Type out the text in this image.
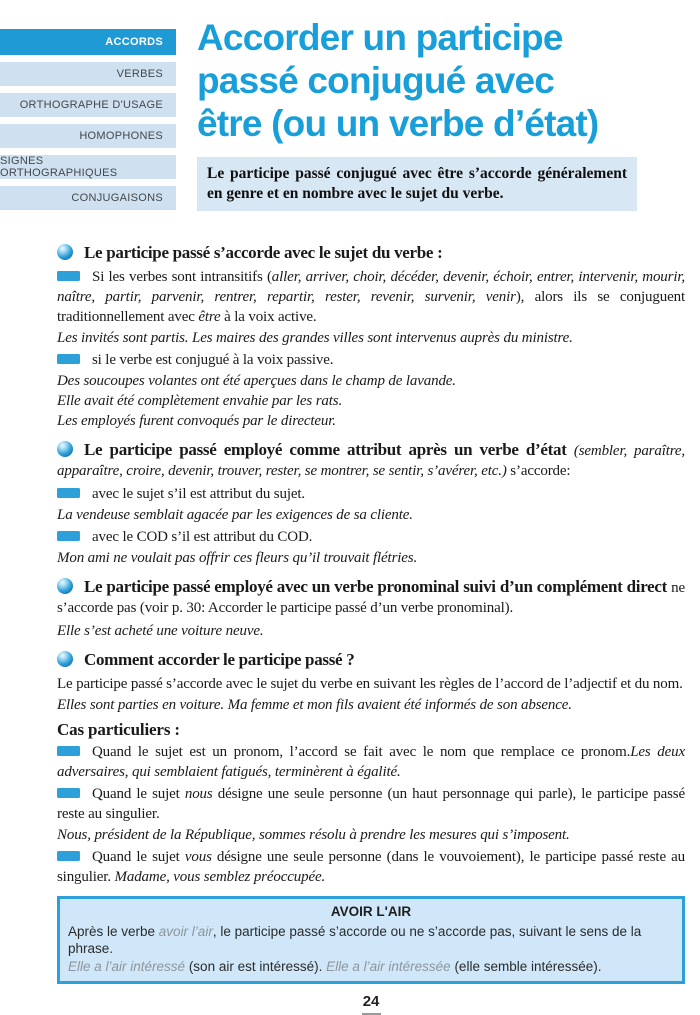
ACCORDS
VERBES
ORTHOGRAPHE D'USAGE
HOMOPHONES
SIGNES ORTHOGRAPHIQUES
CONJUGAISONS
Accorder un participe
passé conjugué avec
être (ou un verbe d’état)
Le participe passé conjugué avec être s’accorde généralement en genre et en nombre avec le sujet du verbe.
Le participe passé s’accorde avec le sujet du verbe :
Si les verbes sont intransitifs (aller, arriver, choir, décéder, devenir, échoir, entrer, intervenir, mourir, naître, partir, parvenir, rentrer, repartir, rester, revenir, survenir, venir), alors ils se conjuguent traditionnellement avec être à la voix active.
Les invités sont partis. Les maires des grandes villes sont intervenus auprès du ministre.
si le verbe est conjugué à la voix passive.
Des soucoupes volantes ont été aperçues dans le champ de lavande.
Elle avait été complètement envahie par les rats.
Les employés furent convoqués par le directeur.
Le participe passé employé comme attribut après un verbe d’état (sembler, paraître, apparaître, croire, devenir, trouver, rester, se montrer, se sentir, s’avérer, etc.) s’accorde:
avec le sujet s’il est attribut du sujet.
La vendeuse semblait agacée par les exigences de sa cliente.
avec le COD s’il est attribut du COD.
Mon ami ne voulait pas offrir ces fleurs qu’il trouvait flétries.
Le participe passé employé avec un verbe pronominal suivi d’un complément direct ne s’accorde pas (voir p. 30: Accorder le participe passé d’un verbe pronominal).
Elle s’est acheté une voiture neuve.
Comment accorder le participe passé ?
Le participe passé s’accorde avec le sujet du verbe en suivant les règles de l’accord de l’adjectif et du nom.
Elles sont parties en voiture. Ma femme et mon fils avaient été informés de son absence.
Cas particuliers :
Quand le sujet est un pronom, l’accord se fait avec le nom que remplace ce pronom.Les deux adversaires, qui semblaient fatigués, terminèrent à égalité.
Quand le sujet nous désigne une seule personne (un haut personnage qui parle), le participe passé reste au singulier.
Nous, président de la République, sommes résolu à prendre les mesures qui s’imposent.
Quand le sujet vous désigne une seule personne (dans le vouvoiement), le participe passé reste au singulier. Madame, vous semblez préoccupée.
AVOIR L'AIR
Après le verbe avoir l’air, le participe passé s’accorde ou ne s’accorde pas, suivant le sens de la phrase.
Elle a l’air intéressé (son air est intéressé). Elle a l’air intéressée (elle semble intéressée).
24
